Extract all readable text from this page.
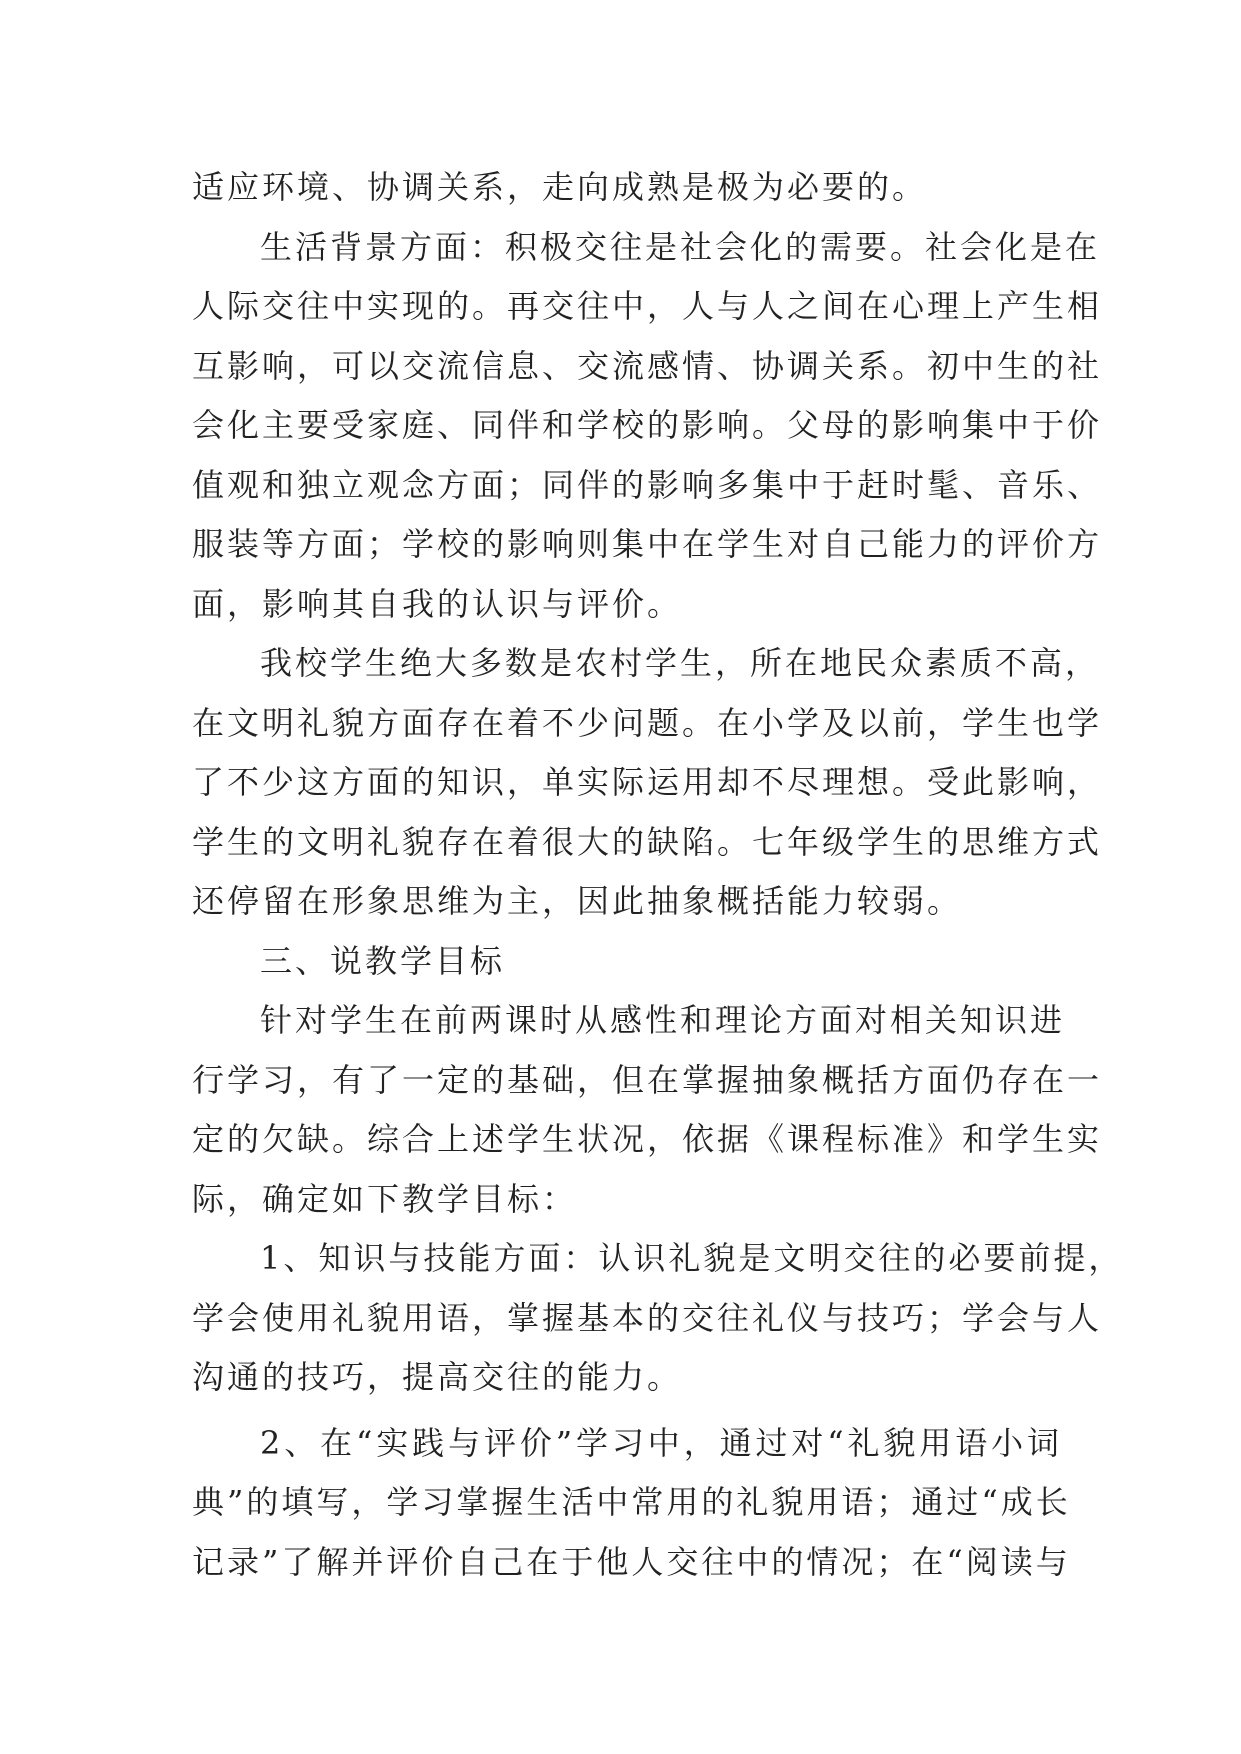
适应环境、协调关系，走向成熟是极为必要的。
生活背景方面：积极交往是社会化的需要。社会化是在
人际交往中实现的。再交往中，人与人之间在心理上产生相
互影响，可以交流信息、交流感情、协调关系。初中生的社
会化主要受家庭、同伴和学校的影响。父母的影响集中于价
值观和独立观念方面；同伴的影响多集中于赶时髦、音乐、
服装等方面；学校的影响则集中在学生对自己能力的评价方
面，影响其自我的认识与评价。
我校学生绝大多数是农村学生，所在地民众素质不高，
在文明礼貌方面存在着不少问题。在小学及以前，学生也学
了不少这方面的知识，单实际运用却不尽理想。受此影响，
学生的文明礼貌存在着很大的缺陷。七年级学生的思维方式
还停留在形象思维为主，因此抽象概括能力较弱。
三、说教学目标
针对学生在前两课时从感性和理论方面对相关知识进
行学习，有了一定的基础，但在掌握抽象概括方面仍存在一
定的欠缺。综合上述学生状况，依据《课程标准》和学生实
际，确定如下教学目标：
1、知识与技能方面：认识礼貌是文明交往的必要前提，
学会使用礼貌用语，掌握基本的交往礼仪与技巧；学会与人
沟通的技巧，提高交往的能力。
2、在“实践与评价”学习中，通过对“礼貌用语小词
典”的填写，学习掌握生活中常用的礼貌用语；通过“成长
记录”了解并评价自己在于他人交往中的情况；在“阅读与
